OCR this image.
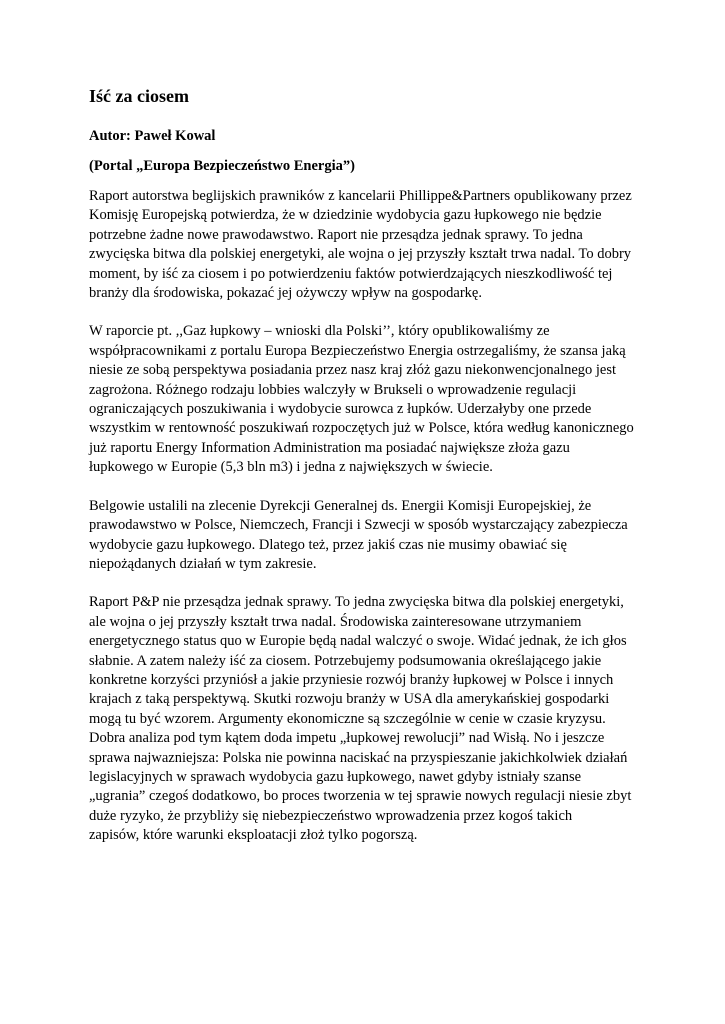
Iść za ciosem

Autor: Paweł Kowal

(Portal „Europa Bezpieczeństwo Energia”)

Raport autorstwa beglijskich prawników z kancelarii Phillippe&Partners opublikowany przez
Komisję Europejską potwierdza, że w dziedzinie wydobycia gazu łupkowego nie będzie
potrzebne żadne nowe prawodawstwo. Raport nie przesądza jednak sprawy. To jedna
zwycięska bitwa dla polskiej energetyki, ale wojna o jej przyszły kształt trwa nadal. To dobry
moment, by iść za ciosem i po potwierdzeniu faktów potwierdzających nieszkodliwość tej
branży dla środowiska, pokazać jej ożywczy wpływ na gospodarkę.

W raporcie pt. ,,Gaz łupkowy – wnioski dla Polski’’, który opublikowaliśmy ze
współpracownikami z portalu Europa Bezpieczeństwo Energia ostrzegaliśmy, że szansa jaką
niesie ze sobą perspektywa posiadania przez nasz kraj złóż gazu niekonwencjonalnego jest
zagrożona. Różnego rodzaju lobbies walczyły w Brukseli o wprowadzenie regulacji
ograniczających poszukiwania i wydobycie surowca z łupków. Uderzałyby one przede
wszystkim w rentowność poszukiwań rozpoczętych już w Polsce, która według kanonicznego
już raportu Energy Information Administration ma posiadać największe złoża gazu
łupkowego w Europie (5,3 bln m3) i jedna z największych w świecie.

Belgowie ustalili na zlecenie Dyrekcji Generalnej ds. Energii Komisji Europejskiej, że
prawodawstwo w Polsce, Niemczech, Francji i Szwecji w sposób wystarczający zabezpiecza
wydobycie gazu łupkowego. Dlatego też, przez jakiś czas nie musimy obawiać się
niepożądanych działań w tym zakresie.

Raport P&P nie przesądza jednak sprawy. To jedna zwycięska bitwa dla polskiej energetyki,
ale wojna o jej przyszły kształt trwa nadal. Środowiska zainteresowane utrzymaniem
energetycznego status quo w Europie będą nadal walczyć o swoje. Widać jednak, że ich głos
słabnie. A zatem należy iść za ciosem. Potrzebujemy podsumowania określającego jakie
konkretne korzyści przyniósł a jakie przyniesie rozwój branży łupkowej w Polsce i innych
krajach z taką perspektywą. Skutki rozwoju branży w USA dla amerykańskiej gospodarki
mogą tu być wzorem. Argumenty ekonomiczne są szczególnie w cenie w czasie kryzysu.
Dobra analiza pod tym kątem doda impetu „łupkowej rewolucji” nad Wisłą. No i jeszcze
sprawa najwazniejsza: Polska nie powinna naciskać na przyspieszanie jakichkolwiek działań
legislacyjnych w sprawach wydobycia gazu łupkowego, nawet gdyby istniały szanse
„ugrania” czegoś dodatkowo, bo proces tworzenia w tej sprawie nowych regulacji niesie zbyt
duże ryzyko, że przybliży się niebezpieczeństwo wprowadzenia przez kogoś takich
zapisów, które warunki eksploatacji złoż tylko pogorszą.
